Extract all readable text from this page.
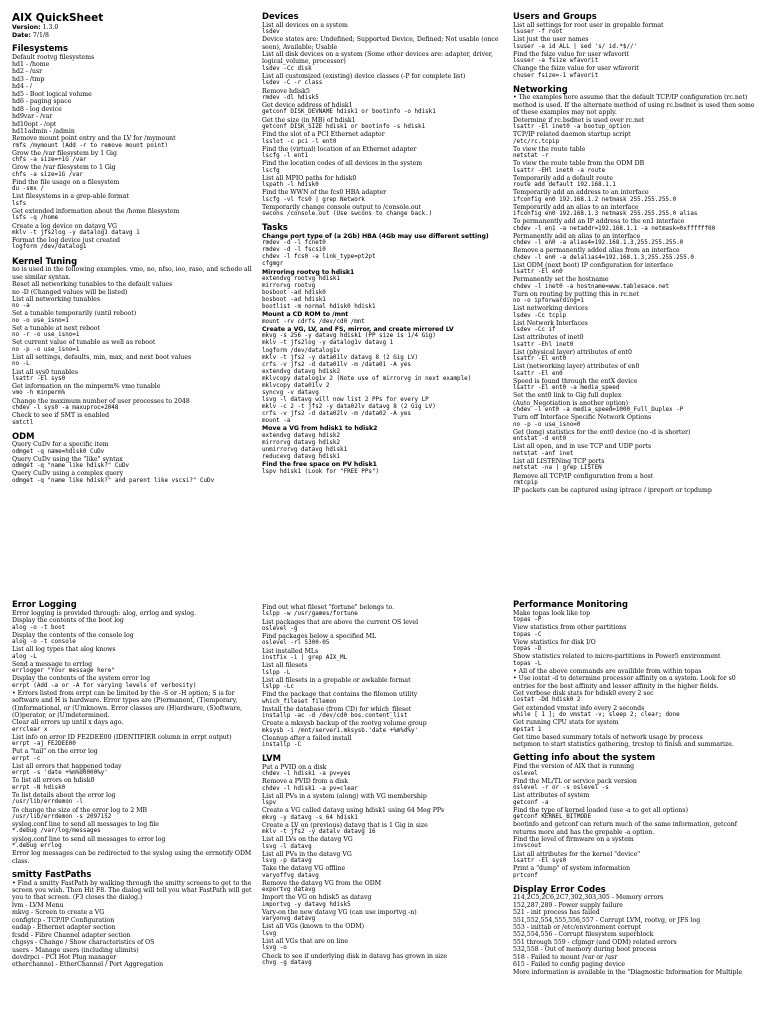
AIX QuickSheet
Version: 1.3.0
Date: 7/1/8
Filesystems
Default rootvg filesystems
hd1 - /home
hd2 - /usr
hd3 - /tmp
hd4 - /
hd5 - Boot logical volume
hd6 - paging space
hd8 - log device
hd9var - /var
hd10opt - /opt
hd11admin - /admin
Remove mount point entry and the LV for /mymount
rmfs /mymount (Add -r to remove mount point)
Grow the /var filesystem by 1 Gig
chfs -a size=+1G /var
Grow the /var filesystem to 1 Gig
chfs -a size=1G /var
Find the file usage on a filesystem
du -smx /
List filesystems in a grep-able format
lsfs
Get extended information about the /home filesystem
lsfs -q /home
Create a log device on datavg VG
mklv -t jfs2log -y datalog1 datavg 1
Format the log device just created
logform /dev/datalog1
Kernel Tuning
no is used in the following examples. vmo, no, nfso, ioo, raso, and schedo all use similar syntax.
Reset all networking tunables to the default values
no -D (Changed values will be listed)
List all networking tunables
no -a
Set a tunable temporarily (until reboot)
no -o use_isno=1
Set a tunable at next reboot
no -r -o use_isno=1
Set current value of tunable as well as reboot
no -p -o use_isno=1
List all settings, defaults, min, max, and next boot values
no -L
List all sys0 tunables
lsattr -El sys0
Get information on the minperm% vmo tunable
vmo -h minperm%
Change the maximum number of user processes to 2048
chdev -l sys0 -a maxuproc=2048
Check to see if SMT is enabled
smtctl
ODM
Query CuDv for a specific item
odmget -q name=hdisk0 CuDv
Query CuDv using the "like" syntax
odmget -q "name like hdisk?" CuDv
Query CuDv using a complex query
odmget -q "name like hdisk?" and parent like vscsi?" CuDv
Devices
List all devices on a system
lsdev
Device states are: Undefined; Supported Device, Defined; Not usable (once seen), Available; Usable
List all disk devices on a system (Some other devices are: adapter, driver, logical_volume, processor)
lsdev -Cc disk
List all customized (existing) device classes (-P for complete list)
lsdev -C -r class
Remove hdisk5
rmdev -dl hdisk5
Get device address of hdisk1
getconf DISK_DEVNAME hdisk1 or bootinfo -o hdisk1
Get the size (in MB) of hdisk1
getconf DISK_SIZE hdisk1 or bootinfo -s hdisk1
Find the slot of a PCI Ethernet adapter
lsslot -c pci -l ent0
Find the (virtual) location of an Ethernet adapter
lscfg -l ent1
Find the location codes of all devices in the system
lscfg
List all MPIO paths for hdisk0
lspath -l hdisk0
Find the WWN of the fcs0 HBA adapter
lscfg -vl fcs0 | grep Network
Temporarily change console output to /console.out
swcons /console.out (Use swcons to change back.)
Tasks
Change port type of (a 2Gb) HBA (4Gb may use different setting)
rmdev -d -l fcnet0
rmdev -d -l fscsi0
chdev -l fcs0 -a link_type=pt2pt
cfgmgr
Mirroring rootvg to hdisk1
extendvg rootvg hdisk1
mirrorvg rootvg
bosboot -ad hdisk0
bosboot -ad hdisk1
bootlist -m normal hdisk0 hdisk1
Mount a CD ROM to /mnt
mount -rv cdrfs /dev/cd0 /mnt
Create a VG, LV, and FS, mirror, and create mirrored LV
mkvg -s 256 -y datavg hdisk1 (PP size is 1/4 Gig)
mklv -t jfs2log -y datalog1v datavg 1
logform /dev/datalog1v
mklv -t jfs2 -y data01lv datavg 8 (2 Gig LV)
crfs -v jfs2 -d data01lv -m /data01 -A yes
extendvg datavg hdisk2
mklvcopy datalog1v 2 (Note use of mirrorvg in next example)
mklvcopy data01lv 2
syncvg -v datavg
lsvg -l datavg will now list 2 PPs for every LP
mklv -c 2 -t jfs2 -y data02lv datavg 8 (2 Gig LV)
crfs -v jfs2 -d data02lv -m /data02 -A yes
mount -a
Move a VG from hdisk1 to hdisk2
extendvg datavg hdisk2
mirrorvg datavg hdisk2
unmirrorvg datavg hdisk1
reducevg datavg hdisk1
Find the free space on PV hdisk1
lspv hdisk1 (Look for "FREE PPs")
Users and Groups
List all settings for root user in grepable format
lsuser -f root
List just the user names
lsuser -a id ALL | sed 's/ id.*$//'
Find the fsize value for user wfavorit
lsuser -a fsize wfavorit
Change the fsize value for user wfavorit
chuser fsize=-1 wfavorit
Networking
• The examples here assume that the default TCP/IP configuration (rc.net) method is used. If the alternate method of using rc.bsdnet is used then some of these examples may not apply.
Determine if rc.bsdnet is used over rc.net
lsattr -El inet0 -a bootup_option
TCP/IP related daemon startup script
/etc/rc.tcpip
To view the route table
netstat -r
To view the route table from the ODM DB
lsattr -EHl inet0 -a route
Temporarily add a default route
route add default 192.168.1.1
Temporarily add an address to an interface
ifconfig en0 192.168.1.2 netmask 255.255.255.0
Temporarily add an alias to an interface
ifconfig en0 192.168.1.3 netmask 255.255.255.0 alias
To permanently add an IP address to the en1 interface
chdev -l en1 -a netaddr=192.168.1.1 -a netmask=0xffffff00
Permanently add an alias to an interface
chdev -l en0 -a alias4=192.168.1.3,255.255.255.0
Remove a permanently added alias from an interface
chdev -l en0 -a delalias4=192.168.1.3,255.255.255.0
List ODM (next boot) IP configuration for interface
lsattr -El en0
Permanently set the hostname
chdev -l inet0 -a hostname=www.tablesace.net
Turn on routing by putting this in rc.net
no -o ipforwarding=1
List networking devices
lsdev -Cc tcpip
List Network Interfaces
lsdev -Cc if
List attributes of inet0
lsattr -Ehl inet0
List (physical layer) attributes of ent0
lsattr -El ent0
List (networking layer) attributes of en0
lsattr -El en0
Speed is found through the entX device
lsattr -El ent0 -a media_speed
Set the ent0 link to Gig full duplex
(Auto_Negotiation is another option)
chdev -l ent0 -a media_speed=1000_Full_Duplex -P
Turn off Interface Specific Network Options
no -p -o use_isno=0
Get (long) statistics for the ent0 device (no -d is shorter)
entstat -d ent0
List all open, and in use TCP and UDP ports
netstat -anf inet
List all LISTENing TCP ports
netstat -na | grep LISTEN
Remove all TCP/IP configuration from a host
rmtcpip
IP packets can be captured using iptrace / ipreport or tcpdump
Error Logging
Error logging is provided through: alog, errlog and syslog.
Display the contents of the boot log
alog -o -t boot
Display the contents of the console log
alog -o -t console
List all log types that alog knows
alog -L
Send a message to errlog
errlogger "Your message here"
Display the contents of the system error log
errpt (Add -a or -A for varying levels of verbosity)
• Errors listed from errpt can be limited by the -S or -H option; S is for software and H is hardware. Error types are (P)ermanent, (T)emporary, (I)nformational, or (U)nknown. Error classes are (H)ardware, (S)oftware, (O)perator, or (U)ndetermined.
Clear all errors up until x days ago.
errclear x
List info on error ID FE2DEE00 (IDENTIFIER column in errpt output)
errpt -aj FE2DEE00
Put a "tail" on the error log
errpt -c
List all errors that happened today
errpt -s 'date +%m%d0000%y'
To list all errors on hdisk0
errpt -N hdisk0
To list details about the error log
/usr/lib/errdemon -l
To change the size of the error log to 2 MB
/usr/lib/errdemon -s 2097152
syslog.conf line to send all messages to log file
*.debug /var/log/messages
syslog.conf line to send all messages to error log
*.debug errlog
Error log messages can be redirected to the syslog using the errnotify ODM class.
smitty FastPaths
• Find a smitty FastPath by walking through the smitty screens to get to the screen you wish. Then Hit F8. The dialog will tell you what FastPath will get you to that screen. (F3 closes the dialog.)
lvm - LVM Menu
mkvg - Screen to create a VG
configtcp - TCP/IP Configuration
eadap - Ethernet adapter section
fcsdd - Fibre Channel adapter section
chgsys - Change / Show characteristics of OS
users - Manage users (including ulimits)
devdrpci - PCI Hot Plug manager
etherchannel - EtherChannel / Port Aggregation
Find out what fileset "fortune" belongs to.
lslpp -w /usr/games/fortune
List packages that are above the current OS level
oslevel -g
Find packages below a specified ML
oslevel -rl 5300-05
List installed MLs
instfix -i | grep AIX_ML
List all filesets
lslpp -L
List all filesets in a grepable or awkable format
lslpp -Lc
Find the package that contains the filemon utility
which_fileset filemon
Install the database (from CD) for which_fileset
installp -ac -d /dev/cd0 bos.content_list
Create a mksysb backup of the rootvg volume group
mksysb -i /mnt/server1.mksysb.'date +%m%d%y'
Cleanup after a failed install
installp -C
LVM
Put a PVID on a disk
chdev -l hdisk1 -a pv=yes
Remove a PVID from a disk
chdev -l hdisk1 -a pv=clear
List all PVs in a system (along) with VG membership
lspv
Create a VG called datavg using hdisk1 using 64 Meg PPs
mkvg -y datavg -s 64 hdisk1
Create a LV on (previous) datavg that is 1 Gig in size
mklv -t jfs2 -y datalv datavg 16
List all LVs on the datavg VG
lsvg -l datavg
List all PVs in the datavg VG
lsvg -p datavg
Take the datavg VG offline
varyoffvg datavg
Remove the datavg VG from the ODM
exportvg datavg
Import the VG on hdisk5 as datavg
importvg -y datavg hdisk5
Vary-on the new datavg VG (can use importvg -n)
varyonvg datavg
List all VGs (known to the ODM)
lsvg
List all VGs that are on line
lsvg -o
Check to see if underlying disk in datavg has grown in size
chvg -g datavg
Performance Monitoring
Make topas look like top
topas -P
View statistics from other partitions
topas -C
View statistics for disk I/O
topas -D
Show statistics related to micro-partitions in Power5 environment
topas -L
• All of the above commands are availible from within topas
• Use iostat -d to determine processor affinity on a system. Look for s0 entries for the best affinity and lesser affinity in the higher fields.
Get verbose disk stats for hdisk0 every 2 sec
iostat -Dd hdisk0 2
Get extended vmstat info every 2 seconds
while [ 1 ]; do vmstat -v; sleep 2; clear; done
Get running CPU stats for system
mpstat 1
Get time based summary totals of network usage by process
netpmon to start statistics gathering, trcstop to finish and summarize.
Getting info about the system
Find the version of AIX that is running
oslevel
Find the ML/TL or service pack version
oslevel -r or -s oslevel -s
List attributes of system
getconf -a
Find the type of kernel loaded (use -a to get all options)
getconf KERNEL_BITMODE
bootinfo and getconf can return much of the same information, getconf returns more and has the grepable -a option.
Find the level of firmware on a system
invscout
List all attributes for the kernel "device"
lsattr -El sys0
Print a "dump" of system information
prtconf
Display Error Codes
214,2C5,2C6,2C7,302,303,305 - Memory errors
152,287,289 - Power supply failure
521 - init process has failed
551,552,554,555,556,557 - Corrupt LVM, rootvg, or JFS log
553 - inittab or /etc/environment corrupt
552,554,556 - Corrupt filesystem superblock
551 through 559 - cfgmgr (and ODM) related errors
532,558 - Out of memory during boot process
518 - Failed to mount /var or /usr
615 - Failed to config paging device
More information is available in the "Diagnostic Information for Multiple
